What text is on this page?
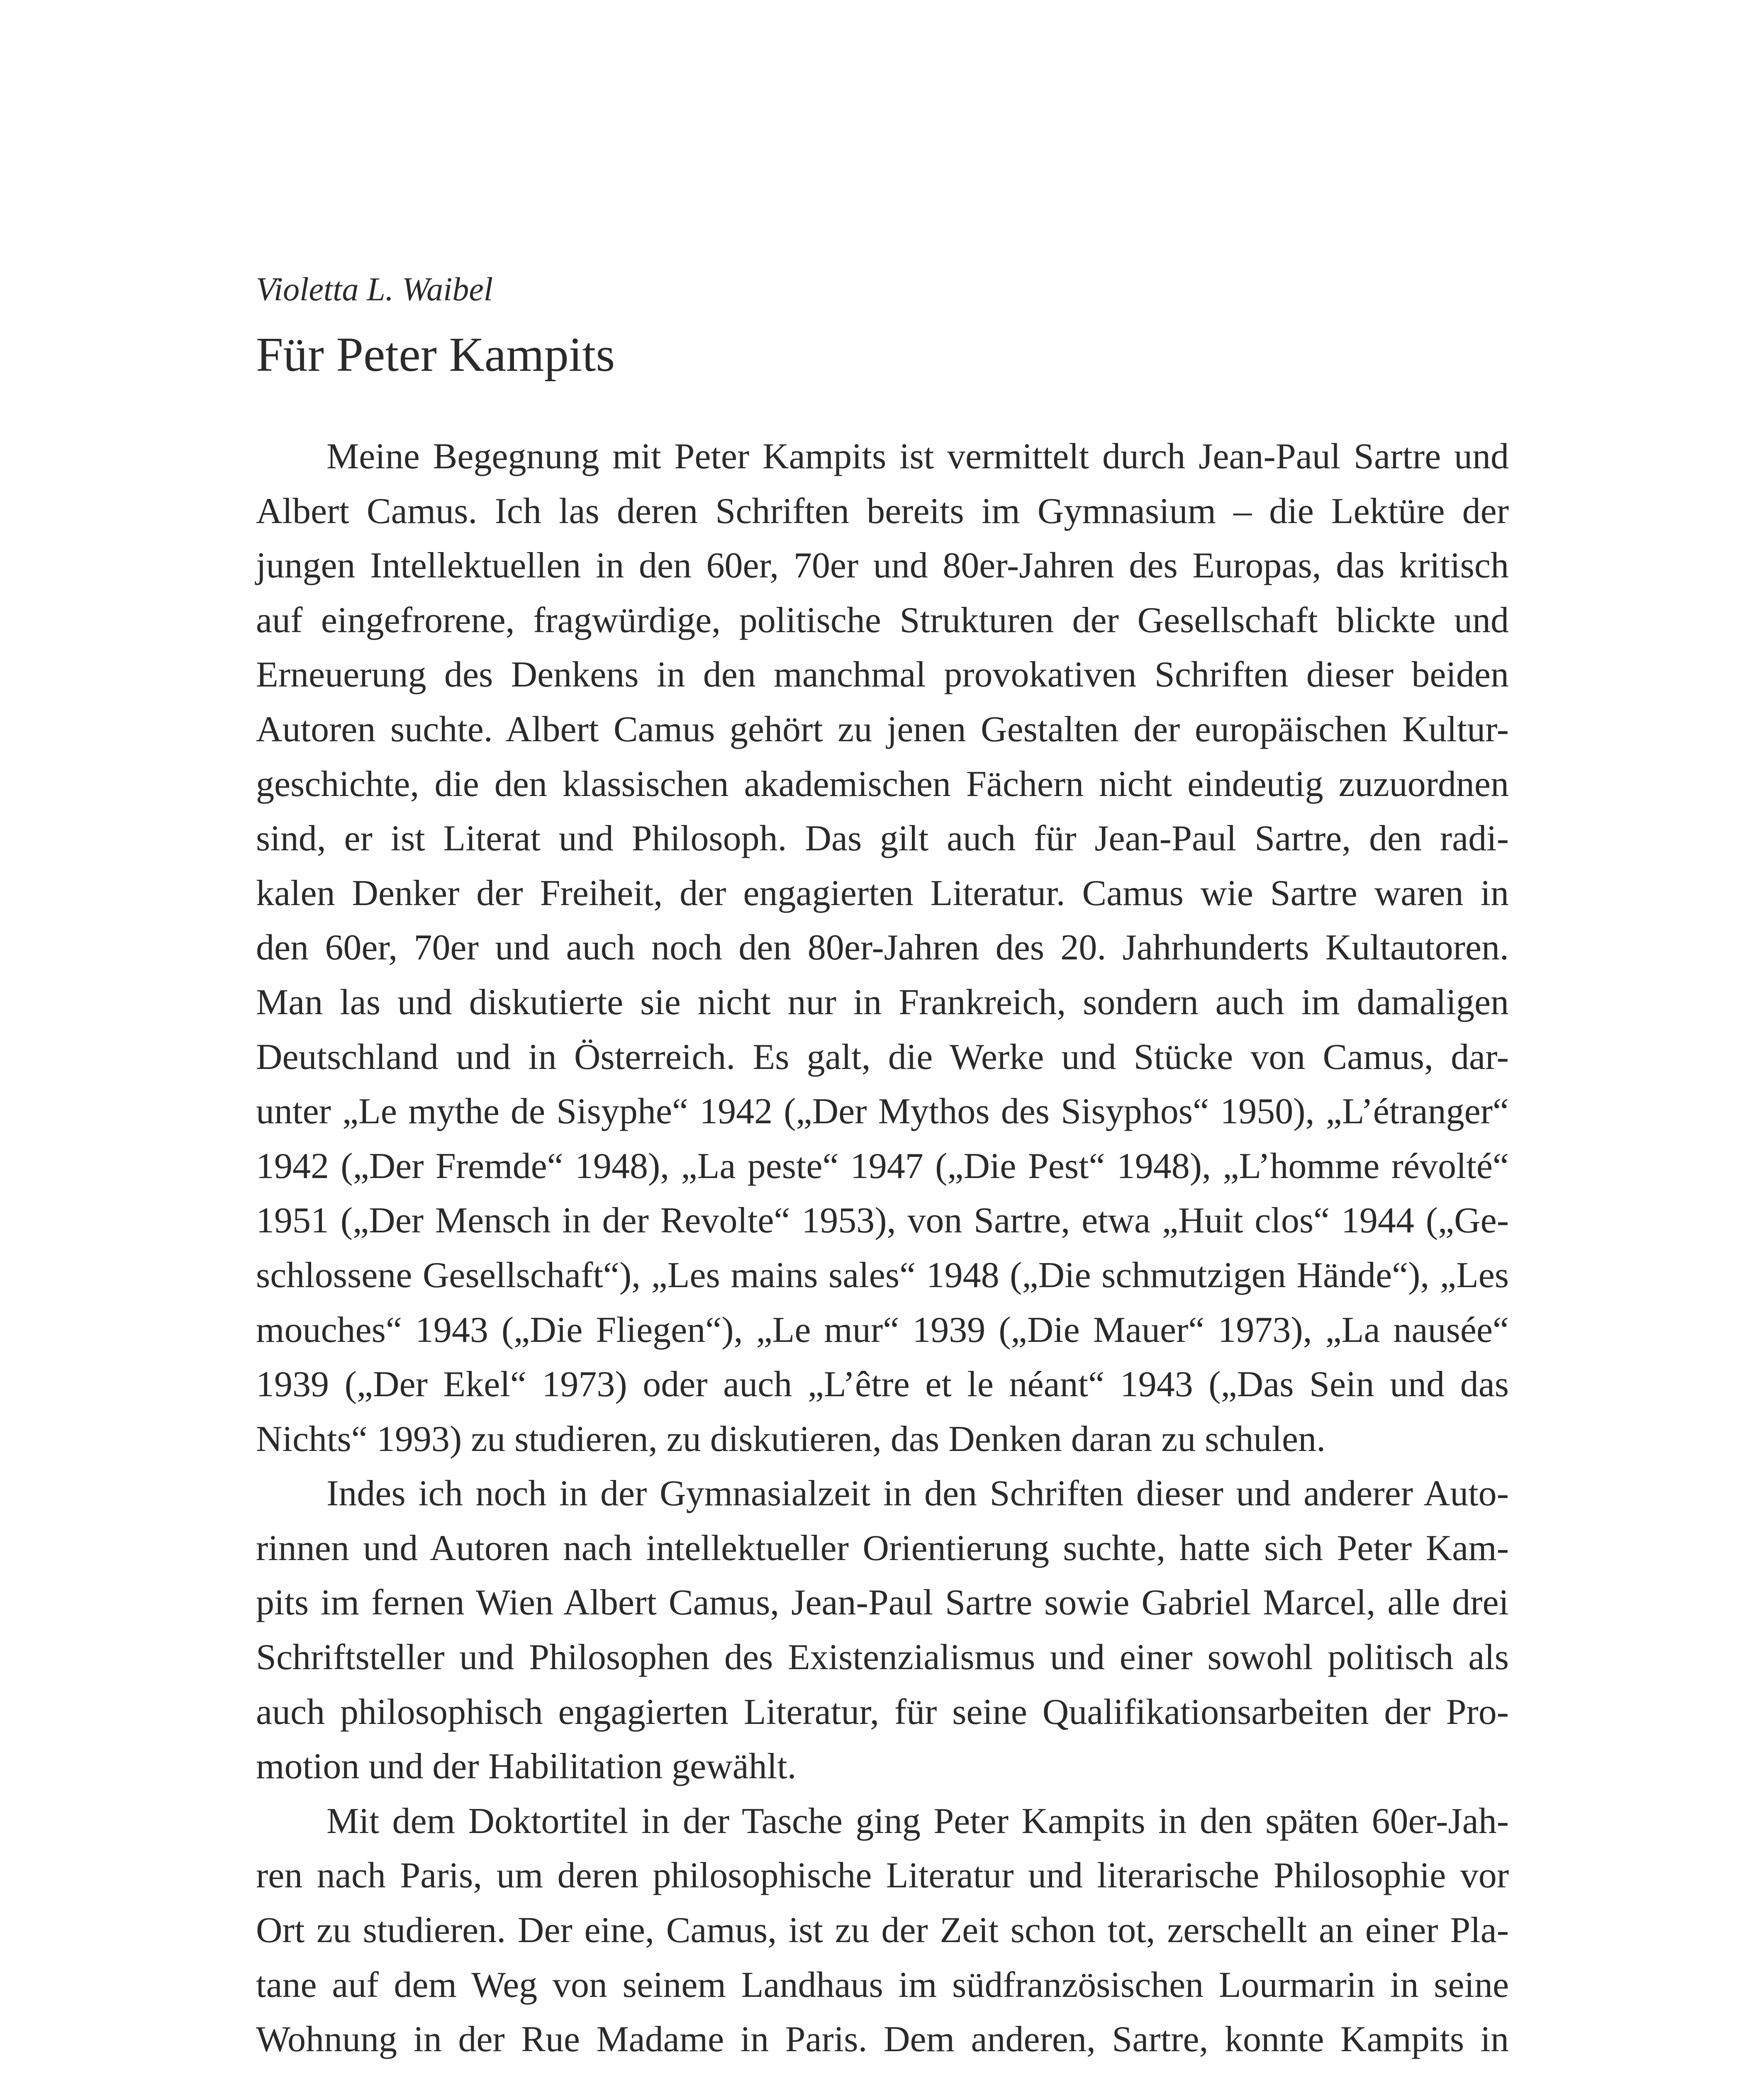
Violetta L. Waibel
Für Peter Kampits
Meine Begegnung mit Peter Kampits ist vermittelt durch Jean-Paul Sartre und
Albert Camus. Ich las deren Schriften bereits im Gymnasium – die Lektüre der
jungen Intellektuellen in den 60er, 70er und 80er-Jahren des Europas, das kritisch
auf eingefrorene, fragwürdige, politische Strukturen der Gesellschaft blickte und
Erneuerung des Denkens in den manchmal provokativen Schriften dieser beiden
Autoren suchte. Albert Camus gehört zu jenen Gestalten der europäischen Kultur-
geschichte, die den klassischen akademischen Fächern nicht eindeutig zuzuordnen
sind, er ist Literat und Philosoph. Das gilt auch für Jean-Paul Sartre, den radi-
kalen Denker der Freiheit, der engagierten Literatur. Camus wie Sartre waren in
den 60er, 70er und auch noch den 80er-Jahren des 20. Jahrhunderts Kultautoren.
Man las und diskutierte sie nicht nur in Frankreich, sondern auch im damaligen
Deutschland und in Österreich. Es galt, die Werke und Stücke von Camus, dar-
unter „Le mythe de Sisyphe“ 1942 („Der Mythos des Sisyphos“ 1950), „L’étranger“
1942 („Der Fremde“ 1948), „La peste“ 1947 („Die Pest“ 1948), „L’homme révolté“
1951 („Der Mensch in der Revolte“ 1953), von Sartre, etwa „Huit clos“ 1944 („Ge-
schlossene Gesellschaft“), „Les mains sales“ 1948 („Die schmutzigen Hände“), „Les
mouches“ 1943 („Die Fliegen“), „Le mur“ 1939 („Die Mauer“ 1973), „La nausée“
1939 („Der Ekel“ 1973) oder auch „L’être et le néant“ 1943 („Das Sein und das
Nichts“ 1993) zu studieren, zu diskutieren, das Denken daran zu schulen.
Indes ich noch in der Gymnasialzeit in den Schriften dieser und anderer Auto-
rinnen und Autoren nach intellektueller Orientierung suchte, hatte sich Peter Kam-
pits im fernen Wien Albert Camus, Jean-Paul Sartre sowie Gabriel Marcel, alle drei
Schriftsteller und Philosophen des Existenzialismus und einer sowohl politisch als
auch philosophisch engagierten Literatur, für seine Qualifikationsarbeiten der Pro-
motion und der Habilitation gewählt.
Mit dem Doktortitel in der Tasche ging Peter Kampits in den späten 60er-Jah-
ren nach Paris, um deren philosophische Literatur und literarische Philosophie vor
Ort zu studieren. Der eine, Camus, ist zu der Zeit schon tot, zerschellt an einer Pla-
tane auf dem Weg von seinem Landhaus im südfranzösischen Lourmarin in seine
Wohnung in der Rue Madame in Paris. Dem anderen, Sartre, konnte Kampits in
